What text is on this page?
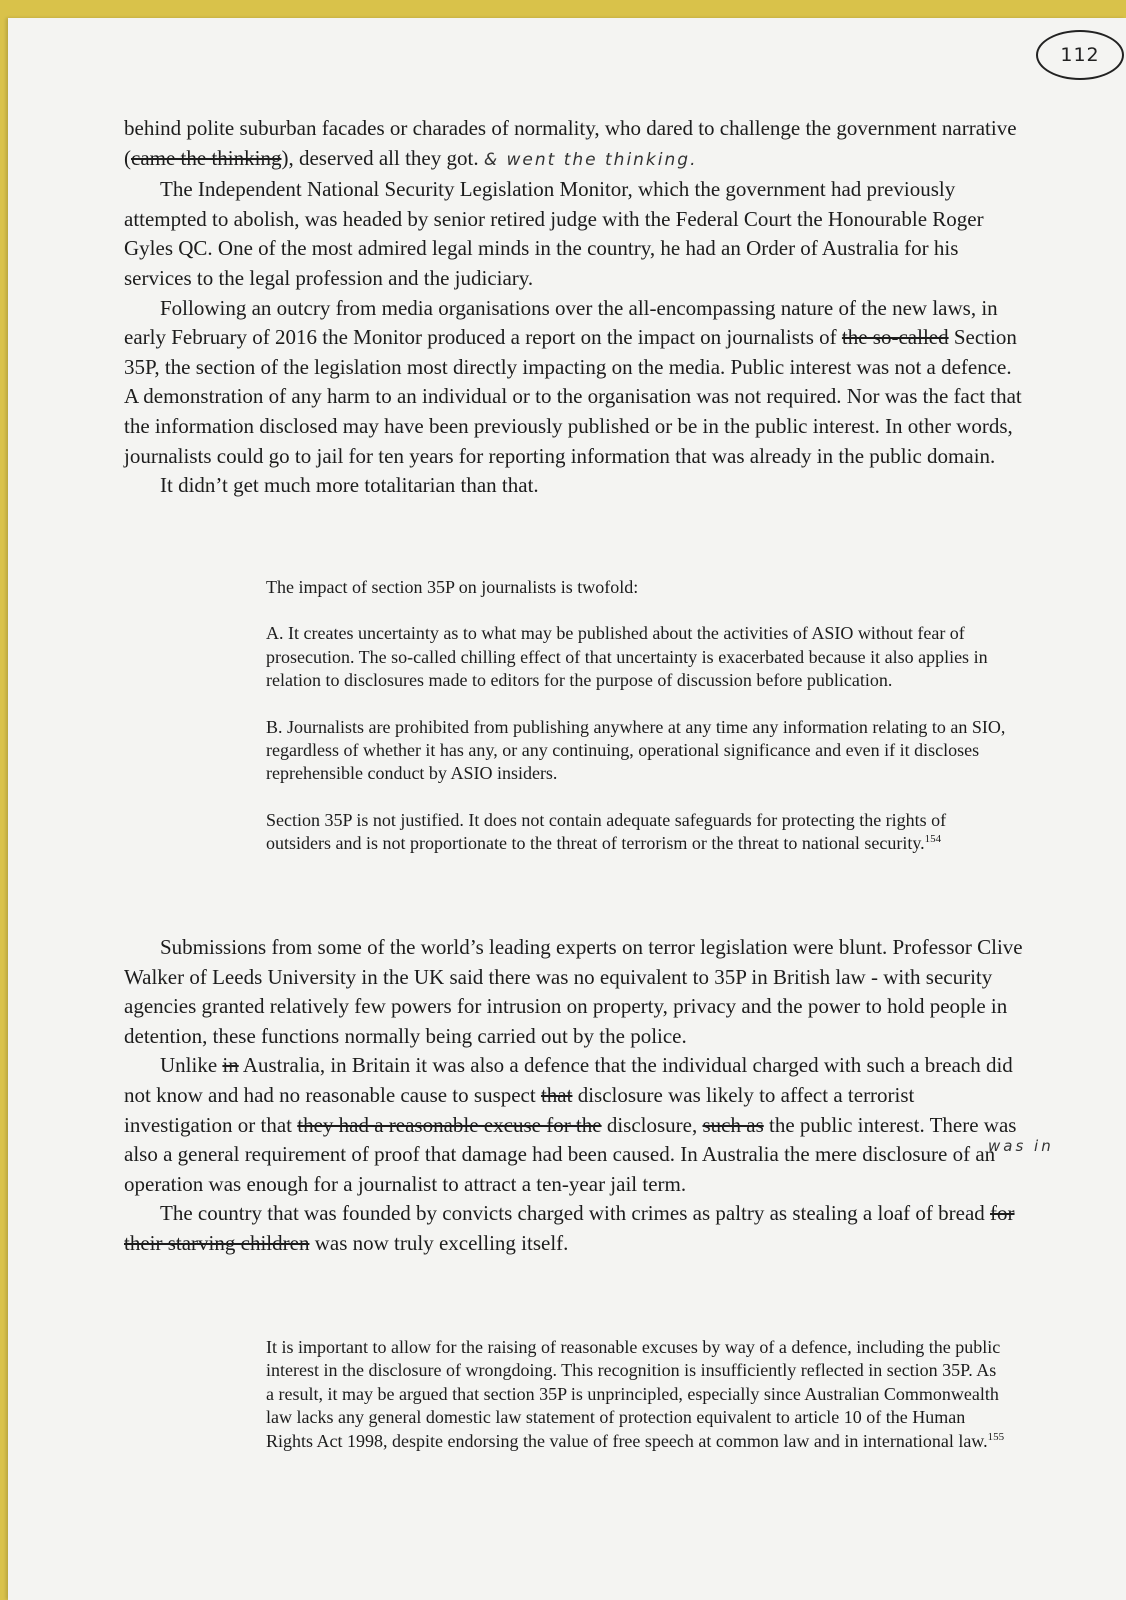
112

behind polite suburban facades or charades of normality, who dared to challenge the government narrative (came the thinking), deserved all they got. & went the thinking.

The Independent National Security Legislation Monitor, which the government had previously attempted to abolish, was headed by senior retired judge with the Federal Court the Honourable Roger Gyles QC. One of the most admired legal minds in the country, he had an Order of Australia for his services to the legal profession and the judiciary.

Following an outcry from media organisations over the all-encompassing nature of the new laws, in early February of 2016 the Monitor produced a report on the impact on journalists of the so-called Section 35P, the section of the legislation most directly impacting on the media. Public interest was not a defence. A demonstration of any harm to an individual or to the organisation was not required. Nor was the fact that the information disclosed may have been previously published or be in the public interest. In other words, journalists could go to jail for ten years for reporting information that was already in the public domain.

It didn’t get much more totalitarian than that.

The impact of section 35P on journalists is twofold:

A. It creates uncertainty as to what may be published about the activities of ASIO without fear of prosecution. The so-called chilling effect of that uncertainty is exacerbated because it also applies in relation to disclosures made to editors for the purpose of discussion before publication.

B. Journalists are prohibited from publishing anywhere at any time any information relating to an SIO, regardless of whether it has any, or any continuing, operational significance and even if it discloses reprehensible conduct by ASIO insiders.

Section 35P is not justified. It does not contain adequate safeguards for protecting the rights of outsiders and is not proportionate to the threat of terrorism or the threat to national security.$^{154}$

Submissions from some of the world’s leading experts on terror legislation were blunt. Professor Clive Walker of Leeds University in the UK said there was no equivalent to 35P in British law - with security agencies granted relatively few powers for intrusion on property, privacy and the power to hold people in detention, these functions normally being carried out by the police.

Unlike in Australia, in Britain it was also a defence that the individual charged with such a breach did not know and had no reasonable cause to suspect that disclosure was likely to affect a terrorist investigation or that they had a reasonable excuse for the disclosure, such as the public interest. There was also a general requirement of proof that damage had been caused. In Australia the mere disclosure of an operation was enough for a journalist to attract a ten-year jail term.

The country that was founded by convicts charged with crimes as paltry as stealing a loaf of bread for their starving children was now truly excelling itself.

was in

It is important to allow for the raising of reasonable excuses by way of a defence, including the public interest in the disclosure of wrongdoing. This recognition is insufficiently reflected in section 35P. As a result, it may be argued that section 35P is unprincipled, especially since Australian Commonwealth law lacks any general domestic law statement of protection equivalent to article 10 of the Human Rights Act 1998, despite endorsing the value of free speech at common law and in international law.$^{155}$
